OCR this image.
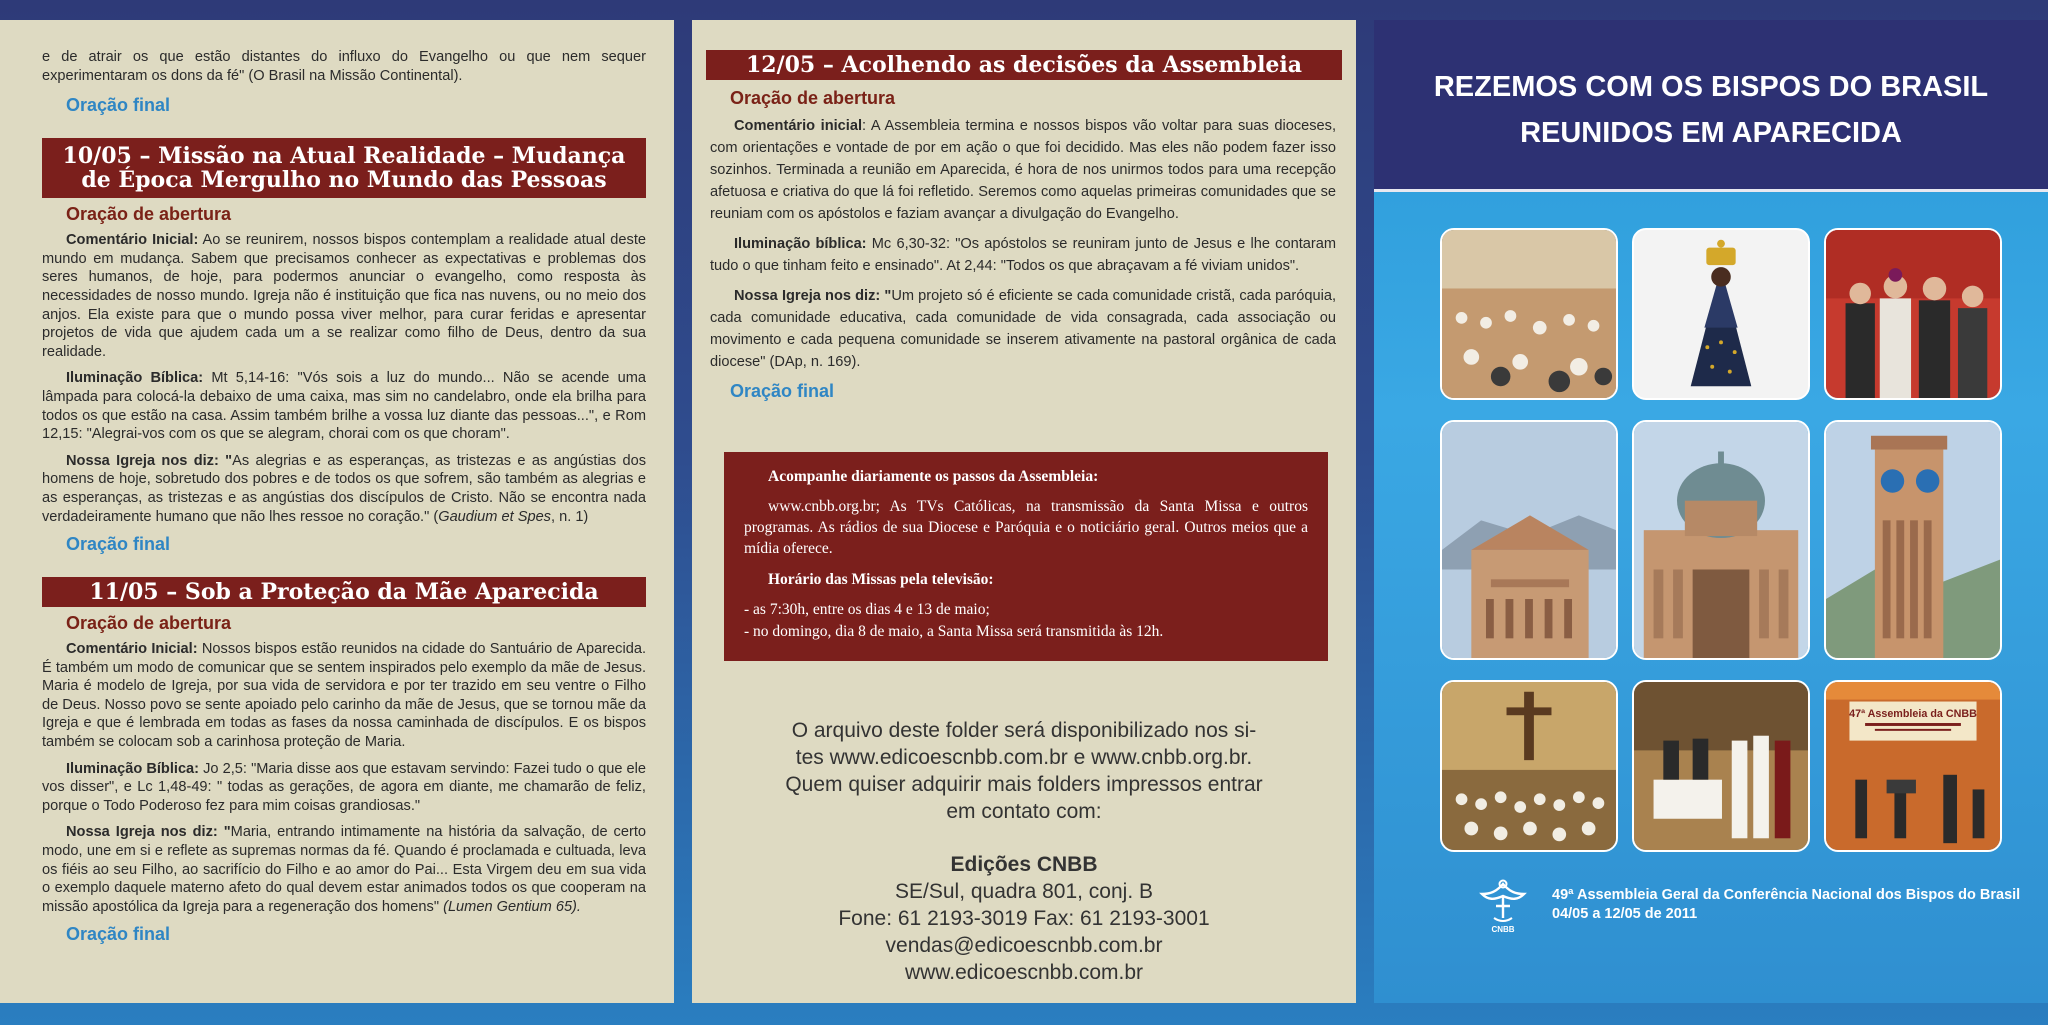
e de atrair os que estão distantes do influxo do Evangelho ou que nem sequer experimentaram os dons da fé" (O Brasil na Missão Continental).

Oração final
10/05 – Missão na Atual Realidade – Mudança de Época Mergulho no Mundo das Pessoas
Oração de abertura

Comentário Inicial: Ao se reunirem, nossos bispos contemplam a realidade atual deste mundo em mudança. Sabem que precisamos conhecer as expectativas e problemas dos seres humanos, de hoje, para podermos anunciar o evangelho, como resposta às necessidades de nosso mundo. Igreja não é instituição que fica nas nuvens, ou no meio dos anjos. Ela existe para que o mundo possa viver melhor, para curar feridas e apresentar projetos de vida que ajudem cada um a se realizar como filho de Deus, dentro da sua realidade.

Iluminação Bíblica: Mt 5,14-16: "Vós sois a luz do mundo... Não se acende uma lâmpada para colocá-la debaixo de uma caixa, mas sim no candelabro, onde ela brilha para todos os que estão na casa. Assim também brilhe a vossa luz diante das pessoas...", e Rom 12,15: "Alegrai-vos com os que se alegram, chorai com os que choram".

Nossa Igreja nos diz: "As alegrias e as esperanças, as tristezas e as angústias dos homens de hoje, sobretudo dos pobres e de todos os que sofrem, são também as alegrias e as esperanças, as tristezas e as angústias dos discípulos de Cristo. Não se encontra nada verdadeiramente humano que não lhes ressoe no coração." (Gaudium et Spes, n. 1)

Oração final
11/05 – Sob a Proteção da Mãe Aparecida
Oração de abertura

Comentário Inicial: Nossos bispos estão reunidos na cidade do Santuário de Aparecida. É também um modo de comunicar que se sentem inspirados pelo exemplo da mãe de Jesus. Maria é modelo de Igreja, por sua vida de servidora e por ter trazido em seu ventre o Filho de Deus. Nosso povo se sente apoiado pelo carinho da mãe de Jesus, que se tornou mãe da Igreja e que é lembrada em todas as fases da nossa caminhada de discípulos. E os bispos também se colocam sob a carinhosa proteção de Maria.

Iluminação Bíblica: Jo 2,5: "Maria disse aos que estavam servindo: Fazei tudo o que ele vos disser", e Lc 1,48-49: " todas as gerações, de agora em diante, me chamarão de feliz, porque o Todo Poderoso fez para mim coisas grandiosas."

Nossa Igreja nos diz: "Maria, entrando intimamente na história da salvação, de certo modo, une em si e reflete as supremas normas da fé. Quando é proclamada e cultuada, leva os fiéis ao seu Filho, ao sacrifício do Filho e ao amor do Pai... Esta Virgem deu em sua vida o exemplo daquele materno afeto do qual devem estar animados todos os que cooperam na missão apostólica da Igreja para a regeneração dos homens" (Lumen Gentium 65).

Oração final
12/05 – Acolhendo as decisões da Assembleia
Oração de abertura

Comentário inicial: A Assembleia termina e nossos bispos vão voltar para suas dioceses, com orientações e vontade de por em ação o que foi decidido. Mas eles não podem fazer isso sozinhos. Terminada a reunião em Aparecida, é hora de nos unirmos todos para uma recepção afetuosa e criativa do que lá foi refletido. Seremos como aquelas primeiras comunidades que se reuniam com os apóstolos e faziam avançar a divulgação do Evangelho.

Iluminação bíblica: Mc 6,30-32: "Os apóstolos se reuniram junto de Jesus e lhe contaram tudo o que tinham feito e ensinado". At 2,44: "Todos os que abraçavam a fé viviam unidos".

Nossa Igreja nos diz: "Um projeto só é eficiente se cada comunidade cristã, cada paróquia, cada comunidade educativa, cada comunidade de vida consagrada, cada associação ou movimento e cada pequena comunidade se inserem ativamente na pastoral orgânica de cada diocese" (DAp, n. 169).

Oração final
Acompanhe diariamente os passos da Assembleia:

www.cnbb.org.br; As TVs Católicas, na transmissão da Santa Missa e outros programas. As rádios de sua Diocese e Paróquia e o noticiário geral. Outros meios que a mídia oferece.

Horário das Missas pela televisão:
- as 7:30h, entre os dias 4 e 13 de maio;
- no domingo, dia 8 de maio, a Santa Missa será transmitida às 12h.
O arquivo deste folder será disponibilizado nos si-
tes www.edicoescnbb.com.br e www.cnbb.org.br.
Quem quiser adquirir mais folders impressos entrar
em contato com:
Edições CNBB
SE/Sul, quadra 801, conj. B
Fone: 61 2193-3019 Fax: 61 2193-3001
vendas@edicoescnbb.com.br
www.edicoescnbb.com.br
REZEMOS COM OS BISPOS DO BRASIL
REUNIDOS EM APARECIDA
47ª Assembleia da CNBB
CNBB
49ª Assembleia Geral da Conferência Nacional dos Bispos do Brasil
04/05 a 12/05 de 2011
